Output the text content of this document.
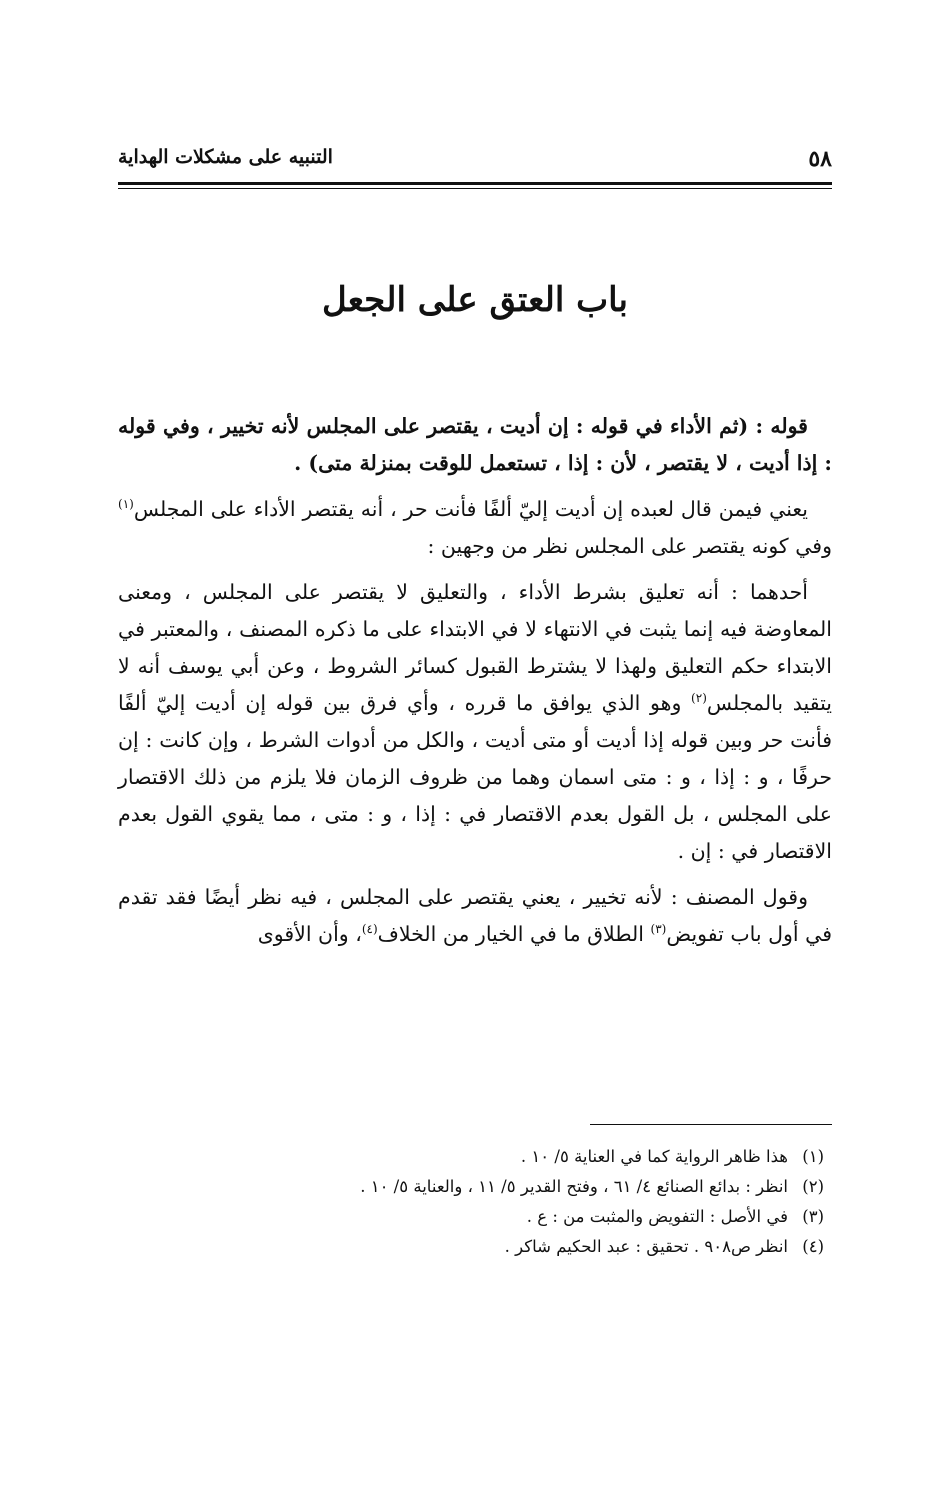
٥٨
التنبيه على مشكلات الهداية
باب العتق على الجعل

قوله : (ثم الأداء في قوله : إن أديت ، يقتصر على المجلس لأنه تخيير ، وفي قوله : إذا أديت ، لا يقتصر ، لأن : إذا ، تستعمل للوقت بمنزلة متى) .

يعني فيمن قال لعبده إن أديت إليّ ألفًا فأنت حر ، أنه يقتصر الأداء على المجلس$^{(١)}$ وفي كونه يقتصر على المجلس نظر من وجهين :

أحدهما : أنه تعليق بشرط الأداء ، والتعليق لا يقتصر على المجلس ، ومعنى المعاوضة فيه إنما يثبت في الانتهاء لا في الابتداء على ما ذكره المصنف ، والمعتبر في الابتداء حكم التعليق ولهذا لا يشترط القبول كسائر الشروط ، وعن أبي يوسف أنه لا يتقيد بالمجلس$^{(٢)}$ وهو الذي يوافق ما قرره ، وأي فرق بين قوله إن أديت إليّ ألفًا فأنت حر وبين قوله إذا أديت أو متى أديت ، والكل من أدوات الشرط ، وإن كانت : إن حرفًا ، و : إذا ، و : متى اسمان وهما من ظروف الزمان فلا يلزم من ذلك الاقتصار على المجلس ، بل القول بعدم الاقتصار في : إذا ، و : متى ، مما يقوي القول بعدم الاقتصار في : إن .

وقول المصنف : لأنه تخيير ، يعني يقتصر على المجلس ، فيه نظر أيضًا فقد تقدم في أول باب تفويض$^{(٣)}$ الطلاق ما في الخيار من الخلاف$^{(٤)}$، وأن الأقوى

(١)هذا ظاهر الرواية كما في العناية ٥/ ١٠ .

(٢)انظر : بدائع الصنائع ٤/ ٦١ ، وفتح القدير ٥/ ١١ ، والعناية ٥/ ١٠ .

(٣)في الأصل : التفويض والمثبت من : ع .

(٤)انظر ص٩٠٨ . تحقيق : عبد الحكيم شاكر .
